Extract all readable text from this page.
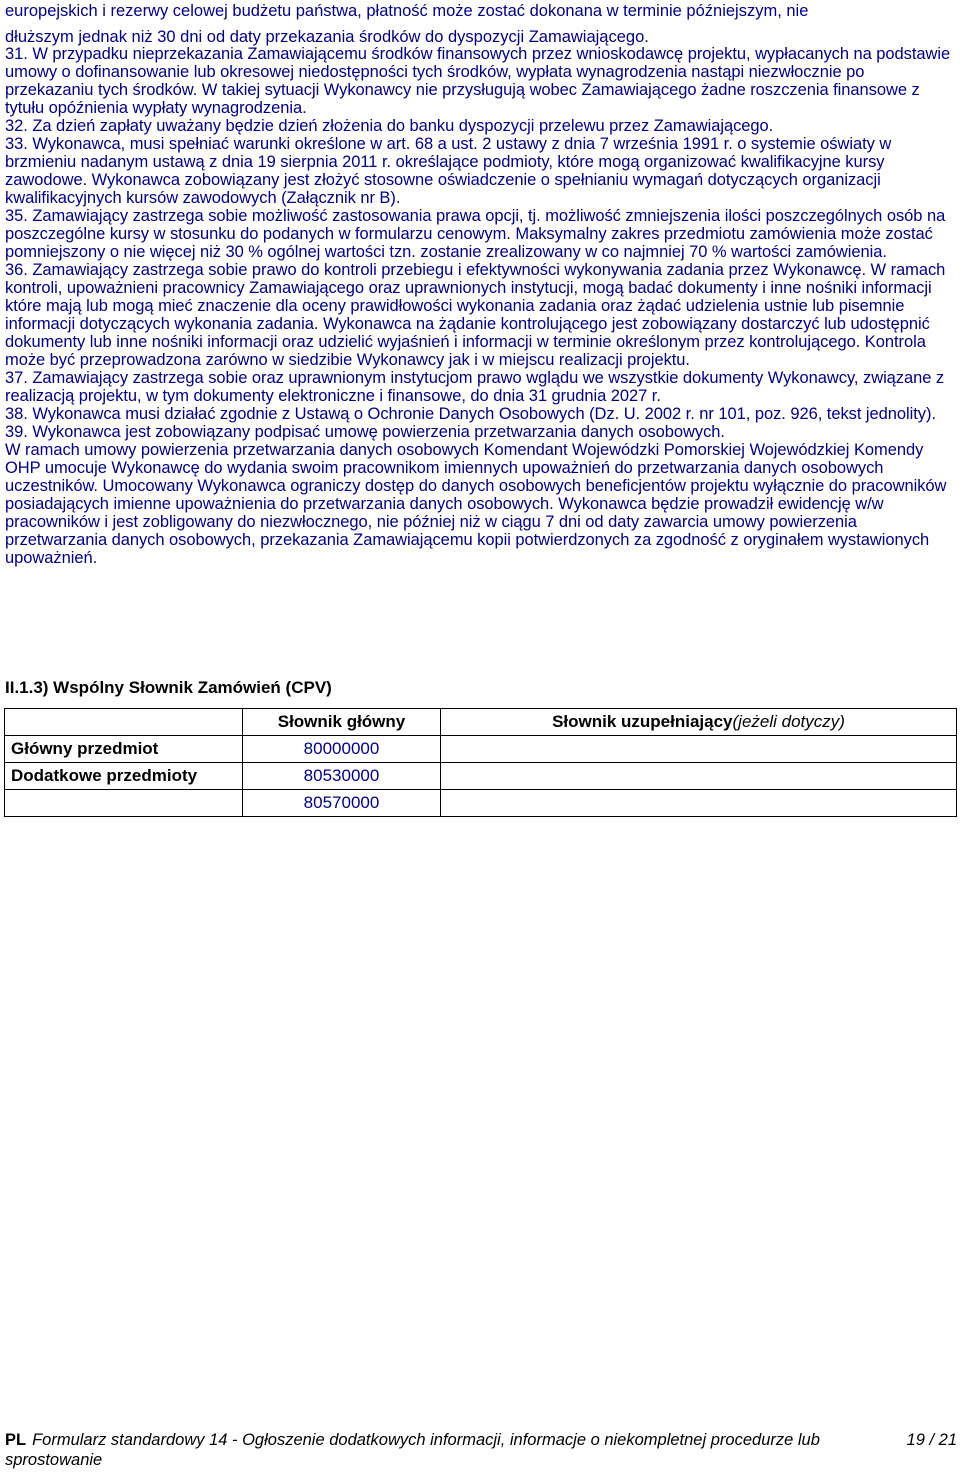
europejskich i rezerwy celowej budżetu państwa, płatność może zostać dokonana w terminie późniejszym, nie
dłuższym jednak niż 30 dni od daty przekazania środków do dyspozycji Zamawiającego.

31. W przypadku nieprzekazania Zamawiającemu środków finansowych przez wnioskodawcę projektu, wypłacanych na podstawie umowy o dofinansowanie lub okresowej niedostępności tych środków, wypłata wynagrodzenia nastąpi niezwłocznie po przekazaniu tych środków. W takiej sytuacji Wykonawcy nie przysługują wobec Zamawiającego żadne roszczenia finansowe z tytułu opóźnienia wypłaty wynagrodzenia.

32. Za dzień zapłaty uważany będzie dzień złożenia do banku dyspozycji przelewu przez Zamawiającego.

33. Wykonawca, musi spełniać warunki określone w art. 68 a ust. 2 ustawy z dnia 7 września 1991 r. o systemie oświaty w brzmieniu nadanym ustawą z dnia 19 sierpnia 2011 r. określające podmioty, które mogą organizować kwalifikacyjne kursy zawodowe. Wykonawca zobowiązany jest złożyć stosowne oświadczenie o spełnianiu wymagań dotyczących organizacji kwalifikacyjnych kursów zawodowych (Załącznik nr B).

35. Zamawiający zastrzega sobie możliwość zastosowania prawa opcji, tj. możliwość zmniejszenia ilości poszczególnych osób na poszczególne kursy w stosunku do podanych w formularzu cenowym. Maksymalny zakres przedmiotu zamówienia może zostać pomniejszony o nie więcej niż 30 % ogólnej wartości tzn. zostanie zrealizowany w co najmniej 70 % wartości zamówienia.

36. Zamawiający zastrzega sobie prawo do kontroli przebiegu i efektywności wykonywania zadania przez Wykonawcę. W ramach kontroli, upoważnieni pracownicy Zamawiającego oraz uprawnionych instytucji, mogą badać dokumenty i inne nośniki informacji które mają lub mogą mieć znaczenie dla oceny prawidłowości wykonania zadania oraz żądać udzielenia ustnie lub pisemnie informacji dotyczących wykonania zadania. Wykonawca na żądanie kontrolującego jest zobowiązany dostarczyć lub udostępnić dokumenty lub inne nośniki informacji oraz udzielić wyjaśnień i informacji w terminie określonym przez kontrolującego. Kontrola może być przeprowadzona zarówno w siedzibie Wykonawcy jak i w miejscu realizacji projektu.

37. Zamawiający zastrzega sobie oraz uprawnionym instytucjom prawo wglądu we wszystkie dokumenty Wykonawcy, związane z realizacją projektu, w tym dokumenty elektroniczne i finansowe, do dnia 31 grudnia 2027 r.

38. Wykonawca musi działać zgodnie z Ustawą o Ochronie Danych Osobowych (Dz. U. 2002 r. nr 101, poz. 926, tekst jednolity).

39. Wykonawca jest zobowiązany podpisać umowę powierzenia przetwarzania danych osobowych.

W ramach umowy powierzenia przetwarzania danych osobowych Komendant Wojewódzki Pomorskiej Wojewódzkiej Komendy OHP umocuje Wykonawcę do wydania swoim pracownikom imiennych upoważnień do przetwarzania danych osobowych uczestników. Umocowany Wykonawca ograniczy dostęp do danych osobowych beneficjentów projektu wyłącznie do pracowników posiadających imienne upoważnienia do przetwarzania danych osobowych. Wykonawca będzie prowadził ewidencję w/w pracowników i jest zobligowany do niezwłocznego, nie później niż w ciągu 7 dni od daty zawarcia umowy powierzenia przetwarzania danych osobowych, przekazania Zamawiającemu kopii potwierdzonych za zgodność z oryginałem wystawionych upoważnień.

II.1.3) Wspólny Słownik Zamówień (CPV)
	Słownik główny	Słownik uzupełniający(jeżeli dotyczy)
Główny przedmiot	80000000	
Dodatkowe przedmioty	80530000	
	80570000	
PL Formularz standardowy 14 - Ogłoszenie dodatkowych informacji, informacje o niekompletnej procedurze lub
sprostowanie
19 / 21
